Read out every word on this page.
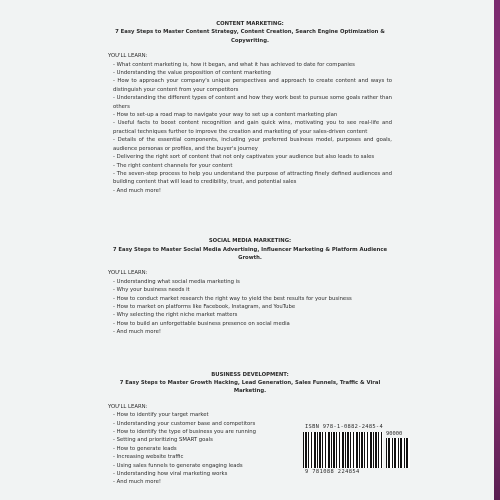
CONTENT MARKETING:

7 Easy Steps to Master Content Strategy, Content Creation, Search Engine Optimization & Copywriting.

YOU'LL LEARN:

- What content marketing is, how it began, and what it has achieved to date for companies
- Understanding the value proposition of content marketing
- How to approach your company's unique perspectives and approach to create content and ways to distinguish your content from your competitors
- Understanding the different types of content and how they work best to pursue some goals rather than others
- How to set-up a road map to navigate your way to set up a content marketing plan
- Useful facts to boost content recognition and gain quick wins, motivating you to see real-life and practical techniques further to improve the creation and marketing of your sales-driven content
- Details of the essential components, including your preferred business model, purposes and goals, audience personas or profiles, and the buyer's journey
- Delivering the right sort of content that not only captivates your audience but also leads to sales
- The right content channels for your content
- The seven-step process to help you understand the purpose of attracting finely defined audiences and building content that will lead to credibility, trust, and potential sales
- And much more!

SOCIAL MEDIA MARKETING:

7 Easy Steps to Master Social Media Advertising, Influencer Marketing & Platform Audience Growth.

YOU'LL LEARN:

- Understanding what social media marketing is
- Why your business needs it
- How to conduct market research the right way to yield the best results for your business
- How to market on platforms like Facebook, Instagram, and YouTube
- Why selecting the right niche market matters
- How to build an unforgettable business presence on social media
- And much more!

BUSINESS DEVELOPMENT:

7 Easy Steps to Master Growth Hacking, Lead Generation, Sales Funnels, Traffic & Viral Marketing.

YOU'LL LEARN:

- How to identify your target market
- Understanding your customer base and competitors
- How to identify the type of business you are running
- Setting and prioritizing SMART goals
- How to generate leads
- Increasing website traffic
- Using sales funnels to generate engaging leads
- Understanding how viral marketing works
- And much more!

ISBN 978-1-0882-2485-4

90000

9 781088 224854
